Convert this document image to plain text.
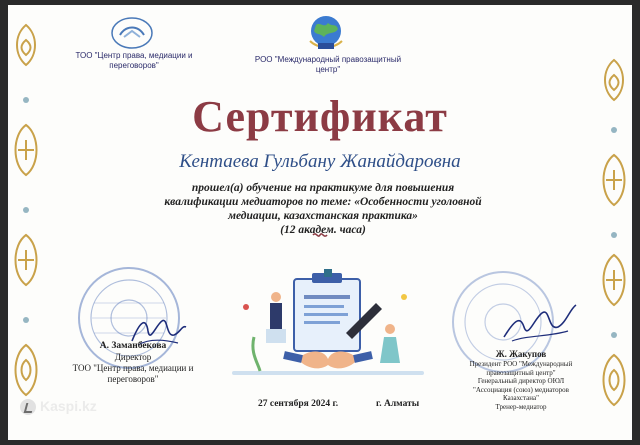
ТОО "Центр права, медиации и переговоров"
РОО "Международный правозащитный центр"
Сертификат
Кентаева Гульбану Жанайдаровна
прошел(а) обучение на практикуме для повышения квалификации медиаторов по теме: «Особенности уголовной медиации, казахстанская практика»
(12 академ. часа)
А. Заманбекова
Директор
ТОО "Центр права, медиации и переговоров"
Ж. Жакупов
Президент РОО "Международный
правозащитный центр"
Генеральный директор ОЮЛ
"Ассоциация (союз) медиаторов
Казахстана"
Тренер-медиатор
27 сентября 2024 г.	г. Алматы
Kaspi.kz
